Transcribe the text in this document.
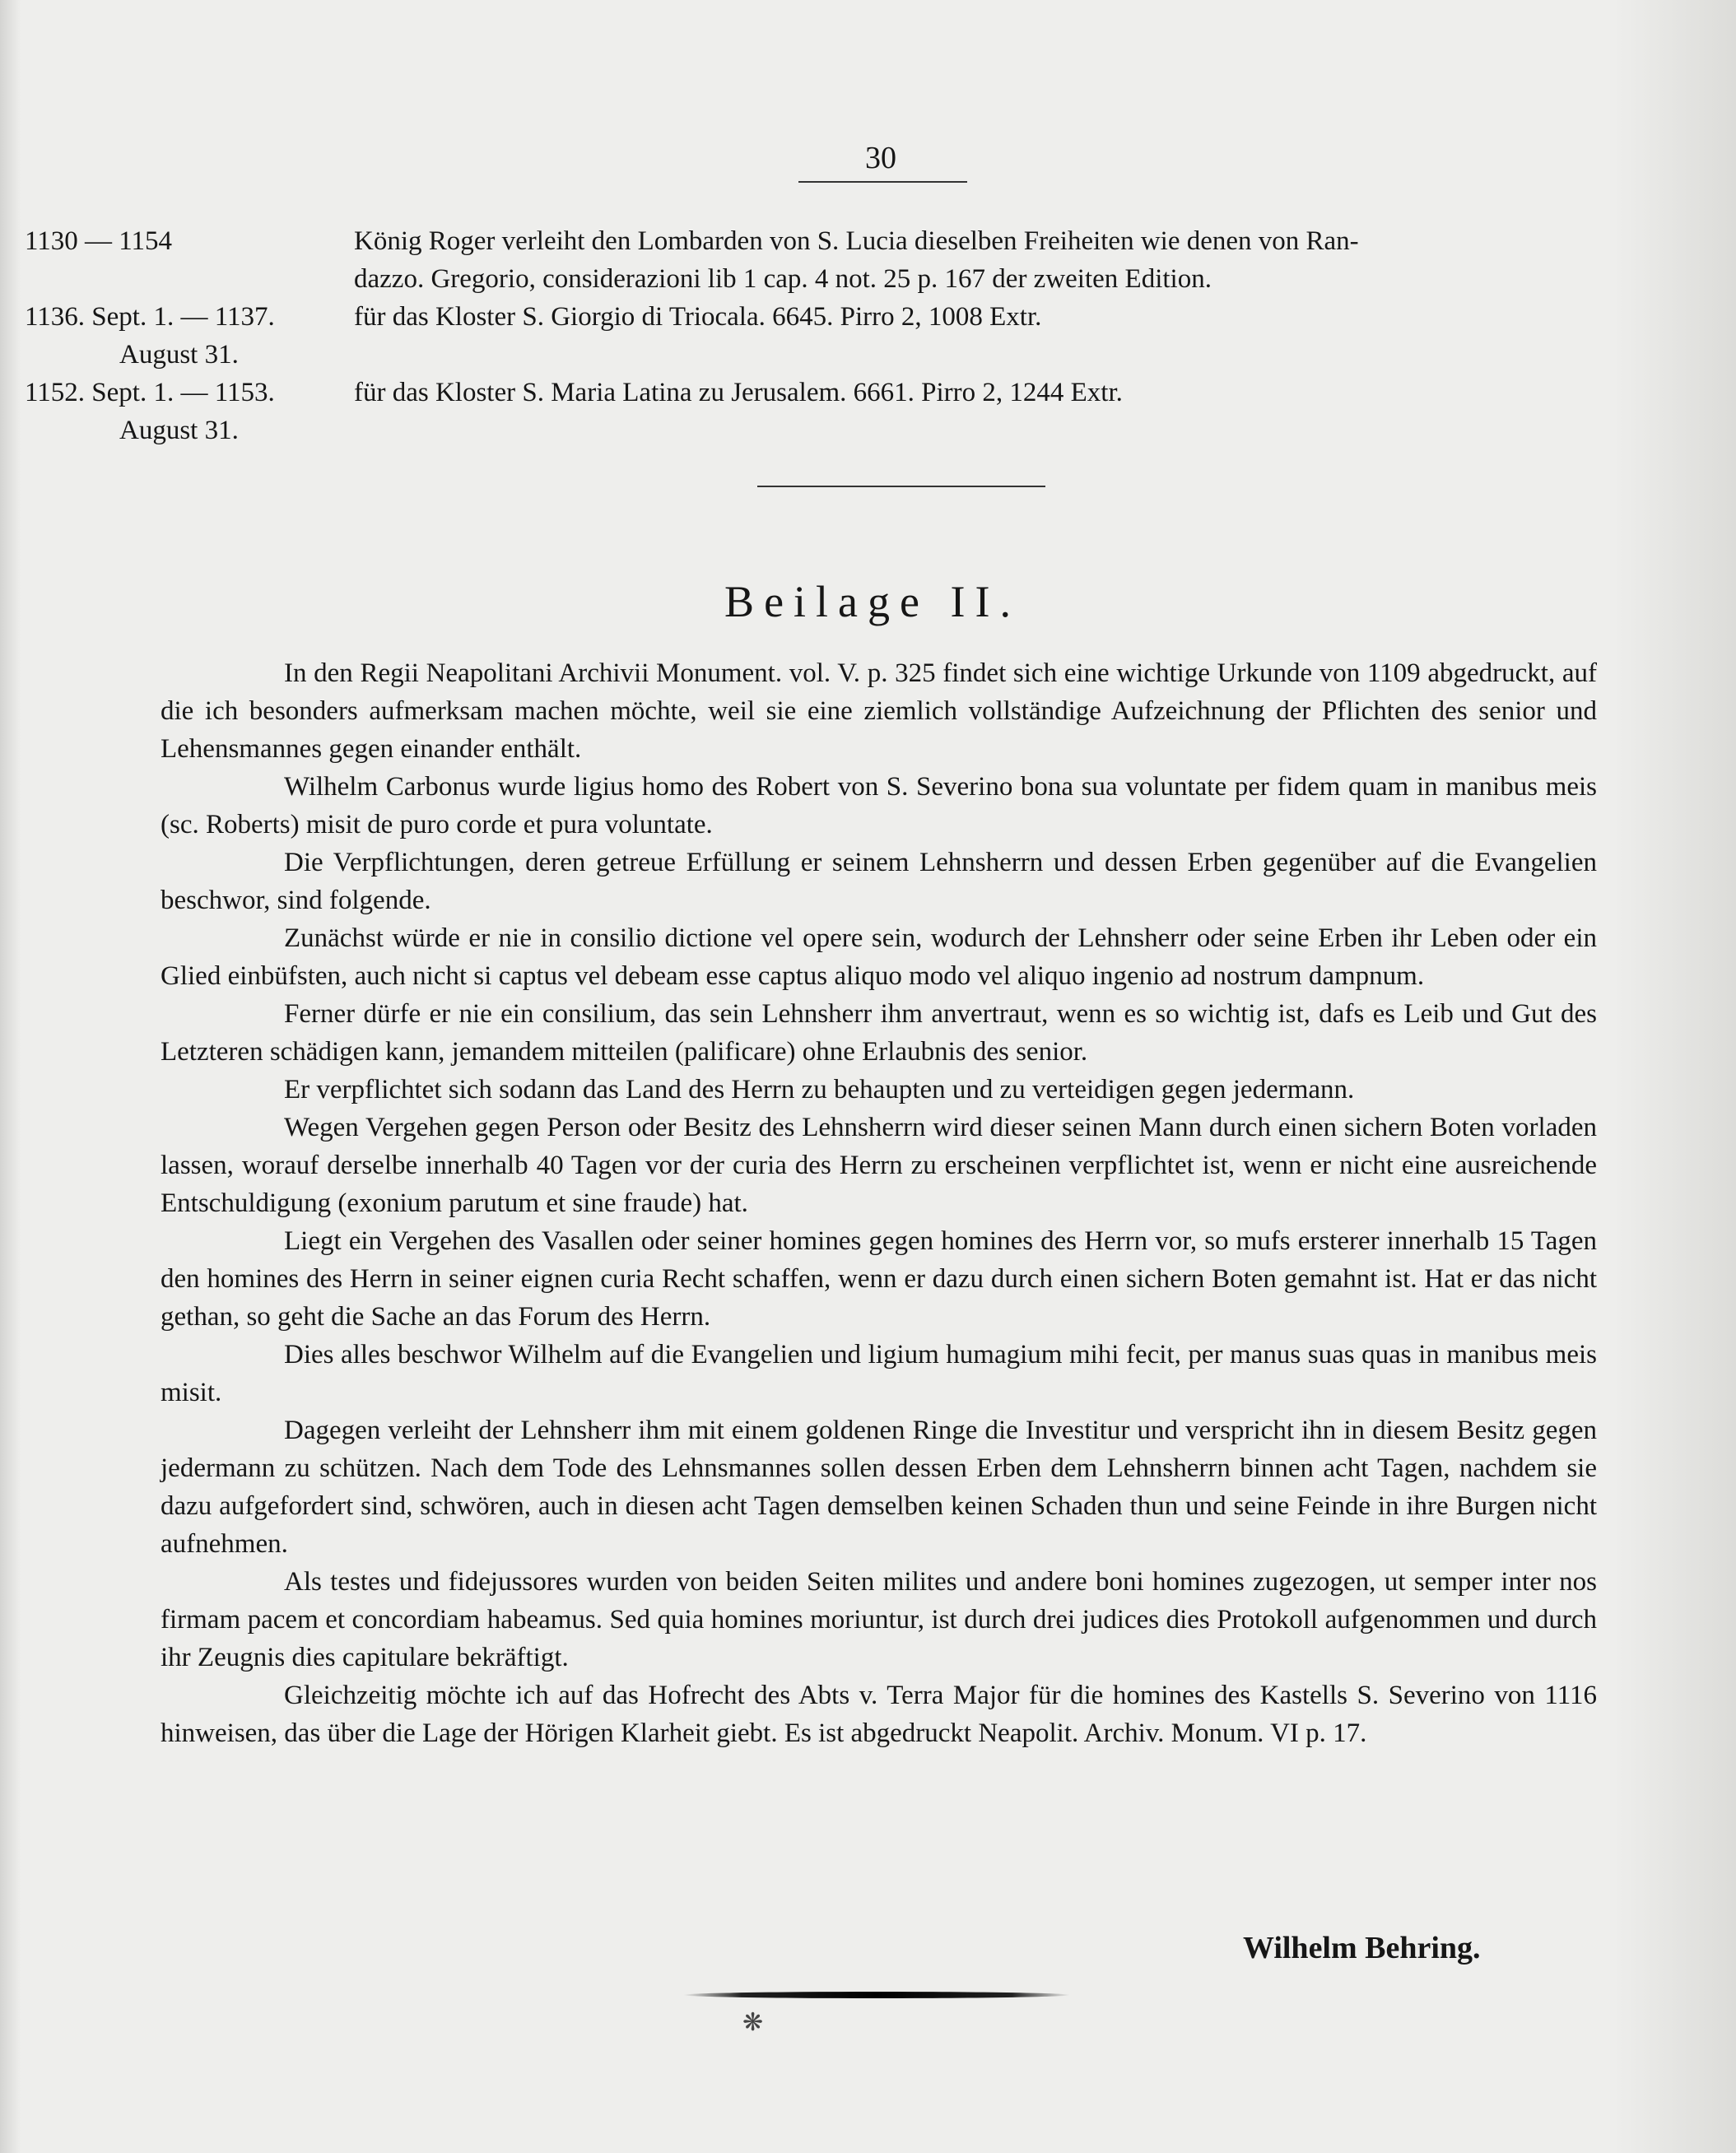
30
1130 — 1154	König Roger verleiht den Lombarden von S. Lucia dieselben Freiheiten wie denen von Ran-
dazzo. Gregorio, considerazioni lib 1 cap. 4 not. 25 p. 167 der zweiten Edition.
1136. Sept. 1. — 1137.
August 31.
für das Kloster S. Giorgio di Triocala. 6645. Pirro 2, 1008 Extr.
1152. Sept. 1. — 1153.
August 31.
für das Kloster S. Maria Latina zu Jerusalem. 6661. Pirro 2, 1244 Extr.
Beilage II.

In den Regii Neapolitani Archivii Monument. vol. V. p. 325 findet sich eine wichtige Urkunde von 1109 abgedruckt, auf die ich besonders aufmerksam machen möchte, weil sie eine ziemlich vollständige Aufzeichnung der Pflichten des senior und Lehensmannes gegen einander enthält.

Wilhelm Carbonus wurde ligius homo des Robert von S. Severino bona sua voluntate per fidem quam in manibus meis (sc. Roberts) misit de puro corde et pura voluntate.

Die Verpflichtungen, deren getreue Erfüllung er seinem Lehnsherrn und dessen Erben gegenüber auf die Evangelien beschwor, sind folgende.

Zunächst würde er nie in consilio dictione vel opere sein, wodurch der Lehnsherr oder seine Erben ihr Leben oder ein Glied einbüfsten, auch nicht si captus vel debeam esse captus aliquo modo vel aliquo ingenio ad nostrum dampnum.

Ferner dürfe er nie ein consilium, das sein Lehnsherr ihm anvertraut, wenn es so wichtig ist, dafs es Leib und Gut des Letzteren schädigen kann, jemandem mitteilen (palificare) ohne Erlaubnis des senior.

Er verpflichtet sich sodann das Land des Herrn zu behaupten und zu verteidigen gegen jedermann.

Wegen Vergehen gegen Person oder Besitz des Lehnsherrn wird dieser seinen Mann durch einen sichern Boten vorladen lassen, worauf derselbe innerhalb 40 Tagen vor der curia des Herrn zu erscheinen verpflichtet ist, wenn er nicht eine ausreichende Entschuldigung (exonium parutum et sine fraude) hat.

Liegt ein Vergehen des Vasallen oder seiner homines gegen homines des Herrn vor, so mufs ersterer innerhalb 15 Tagen den homines des Herrn in seiner eignen curia Recht schaffen, wenn er dazu durch einen sichern Boten gemahnt ist. Hat er das nicht gethan, so geht die Sache an das Forum des Herrn.

Dies alles beschwor Wilhelm auf die Evangelien und ligium humagium mihi fecit, per manus suas quas in manibus meis misit.

Dagegen verleiht der Lehnsherr ihm mit einem goldenen Ringe die Investitur und verspricht ihn in diesem Besitz gegen jedermann zu schützen. Nach dem Tode des Lehnsmannes sollen dessen Erben dem Lehnsherrn binnen acht Tagen, nachdem sie dazu aufgefordert sind, schwören, auch in diesen acht Tagen demselben keinen Schaden thun und seine Feinde in ihre Burgen nicht aufnehmen.

Als testes und fidejussores wurden von beiden Seiten milites und andere boni homines zugezogen, ut semper inter nos firmam pacem et concordiam habeamus. Sed quia homines moriuntur, ist durch drei judices dies Protokoll aufgenommen und durch ihr Zeugnis dies capitulare bekräftigt.

Gleichzeitig möchte ich auf das Hofrecht des Abts v. Terra Major für die homines des Kastells S. Severino von 1116 hinweisen, das über die Lage der Hörigen Klarheit giebt. Es ist abgedruckt Neapolit. Archiv. Monum. VI p. 17.

Wilhelm Behring.
❋
